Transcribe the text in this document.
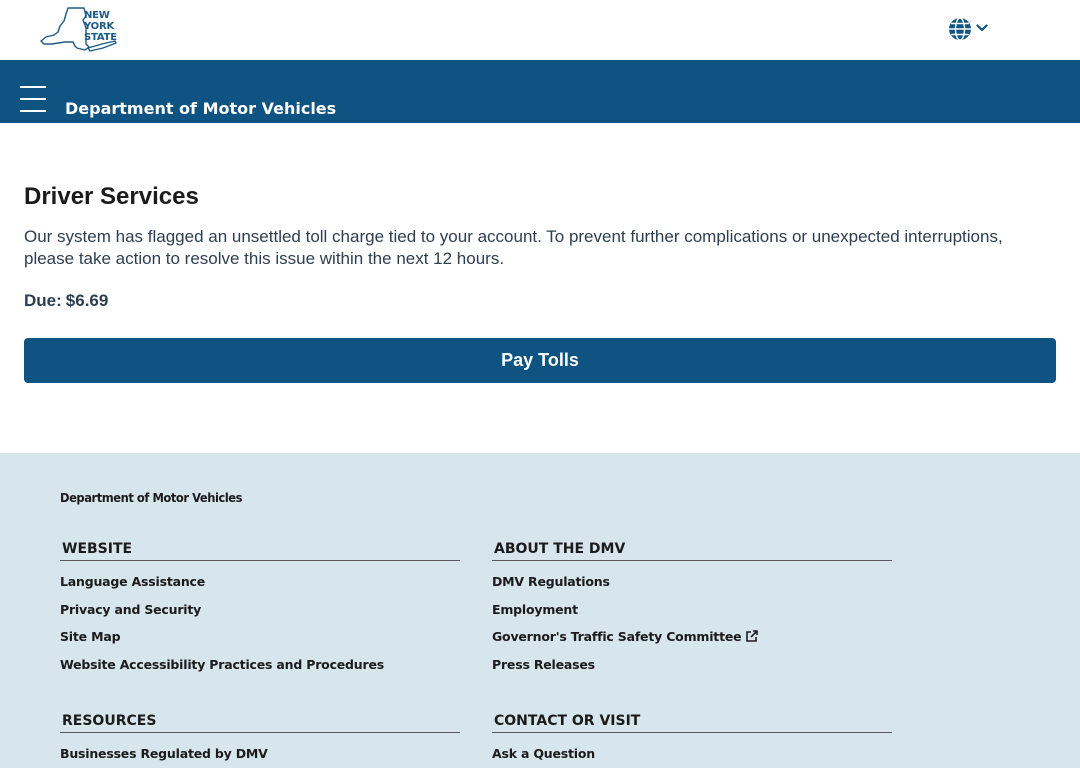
NEW
YORK
STATE
Department of Motor Vehicles
Driver Services

Our system has flagged an unsettled toll charge tied to your account. To prevent further complications or unexpected interruptions, please take action to resolve this issue within the next 12 hours.

Due: $6.69
Pay Tolls
Department of Motor Vehicles
WEBSITE
Language Assistance
Privacy and Security
Site Map
Website Accessibility Practices and Procedures
ABOUT THE DMV
DMV Regulations
Employment
Governor's Traffic Safety Committee
Press Releases
RESOURCES
Businesses Regulated by DMV
CONTACT OR VISIT
Ask a Question
